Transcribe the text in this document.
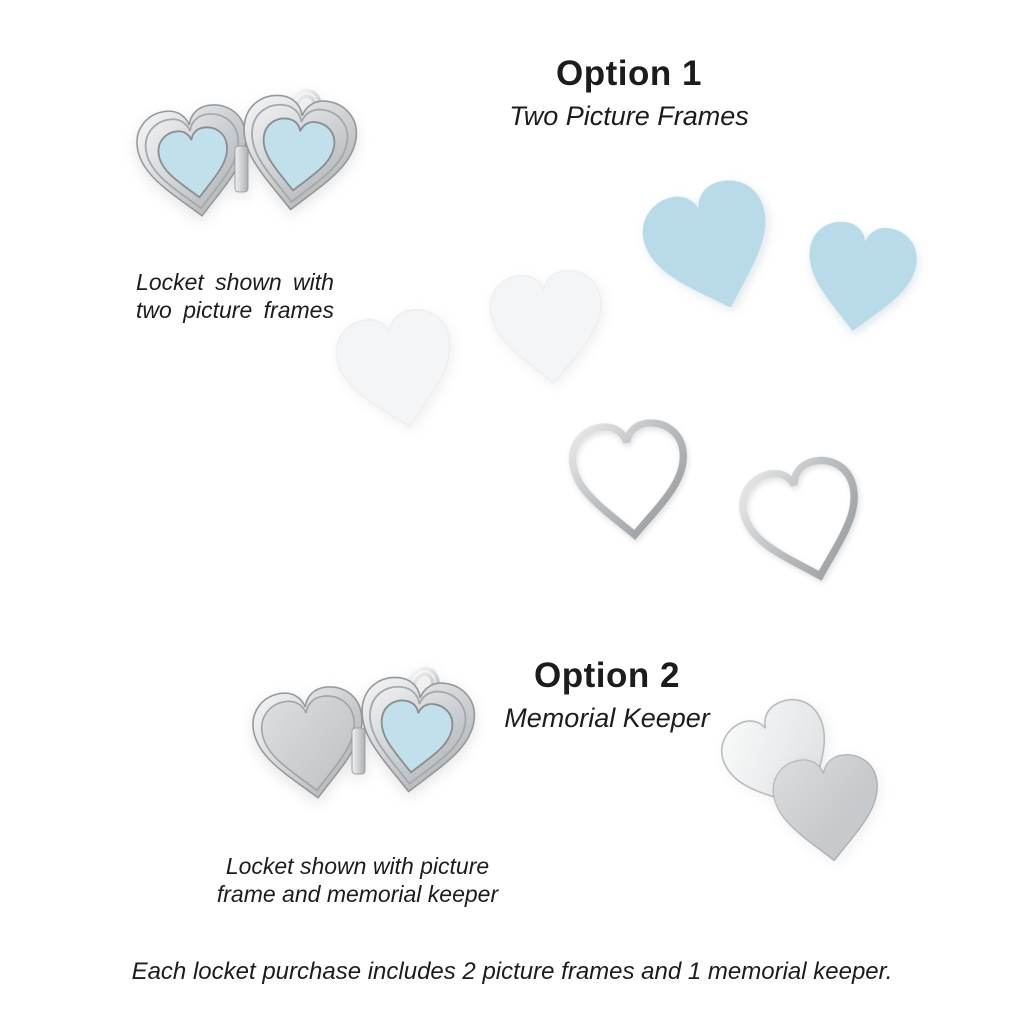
Locket shown with
two picture frames
Option 1
Two Picture Frames
Option 2
Memorial Keeper
Locket shown with picture
frame and memorial keeper
Each locket purchase includes 2 picture frames and 1 memorial keeper.
